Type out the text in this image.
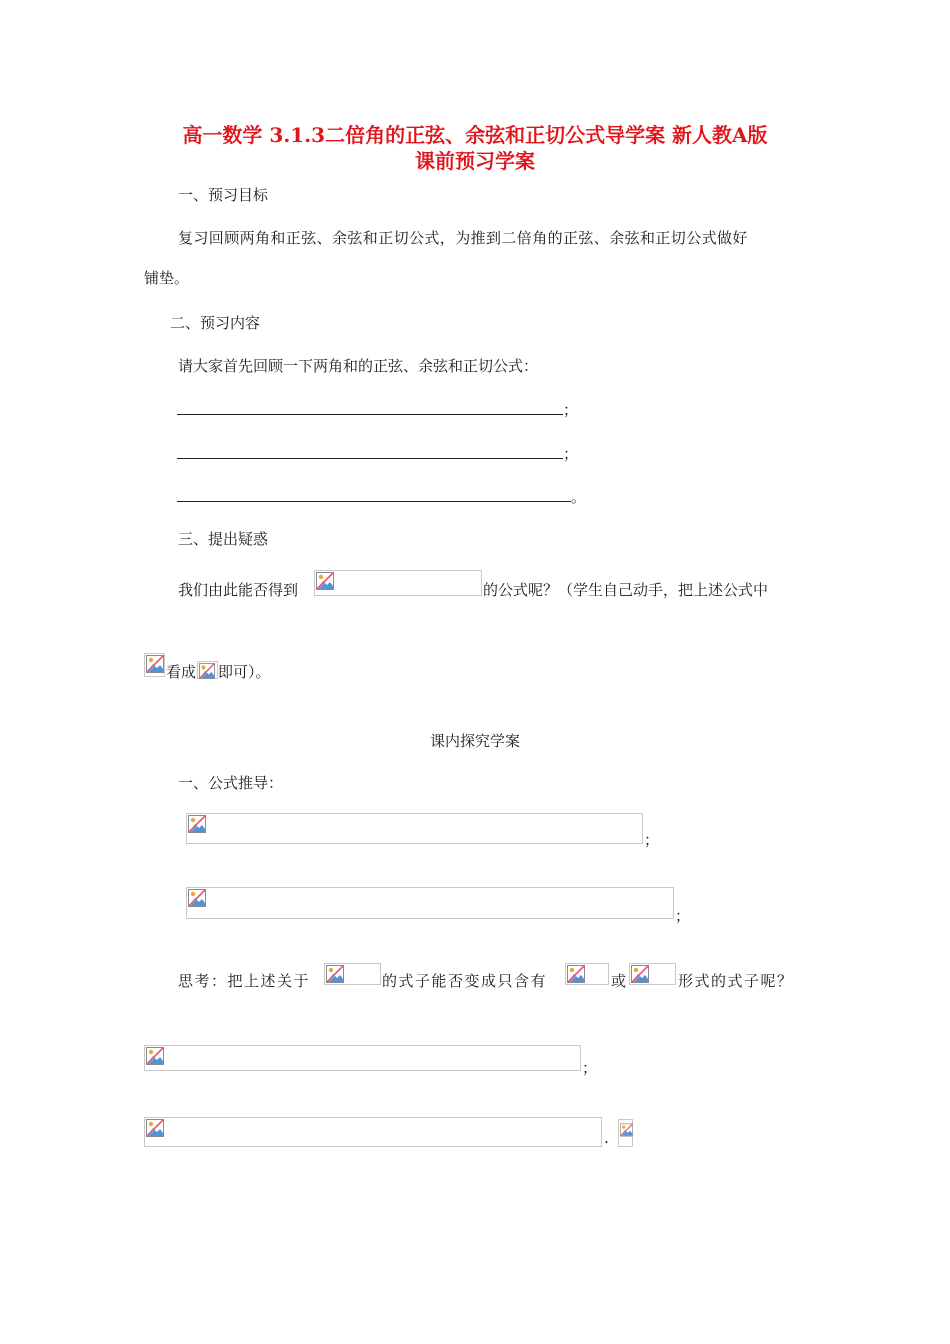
高一数学 3.1.3二倍角的正弦、余弦和正切公式导学案 新人教A版
课前预习学案
一、预习目标
复习回顾两角和正弦、余弦和正切公式，为推到二倍角的正弦、余弦和正切公式做好
铺垫。
二、预习内容
请大家首先回顾一下两角和的正弦、余弦和正切公式：
；
；
。
三、提出疑惑
我们由此能否得到	的公式呢？（学生自己动手，把上述公式中
看成 即可）。
课内探究学案
一、公式推导：
；
；
思考：把上述关于	的式子能否变成只含有	或	形式的式子呢？
；
.
